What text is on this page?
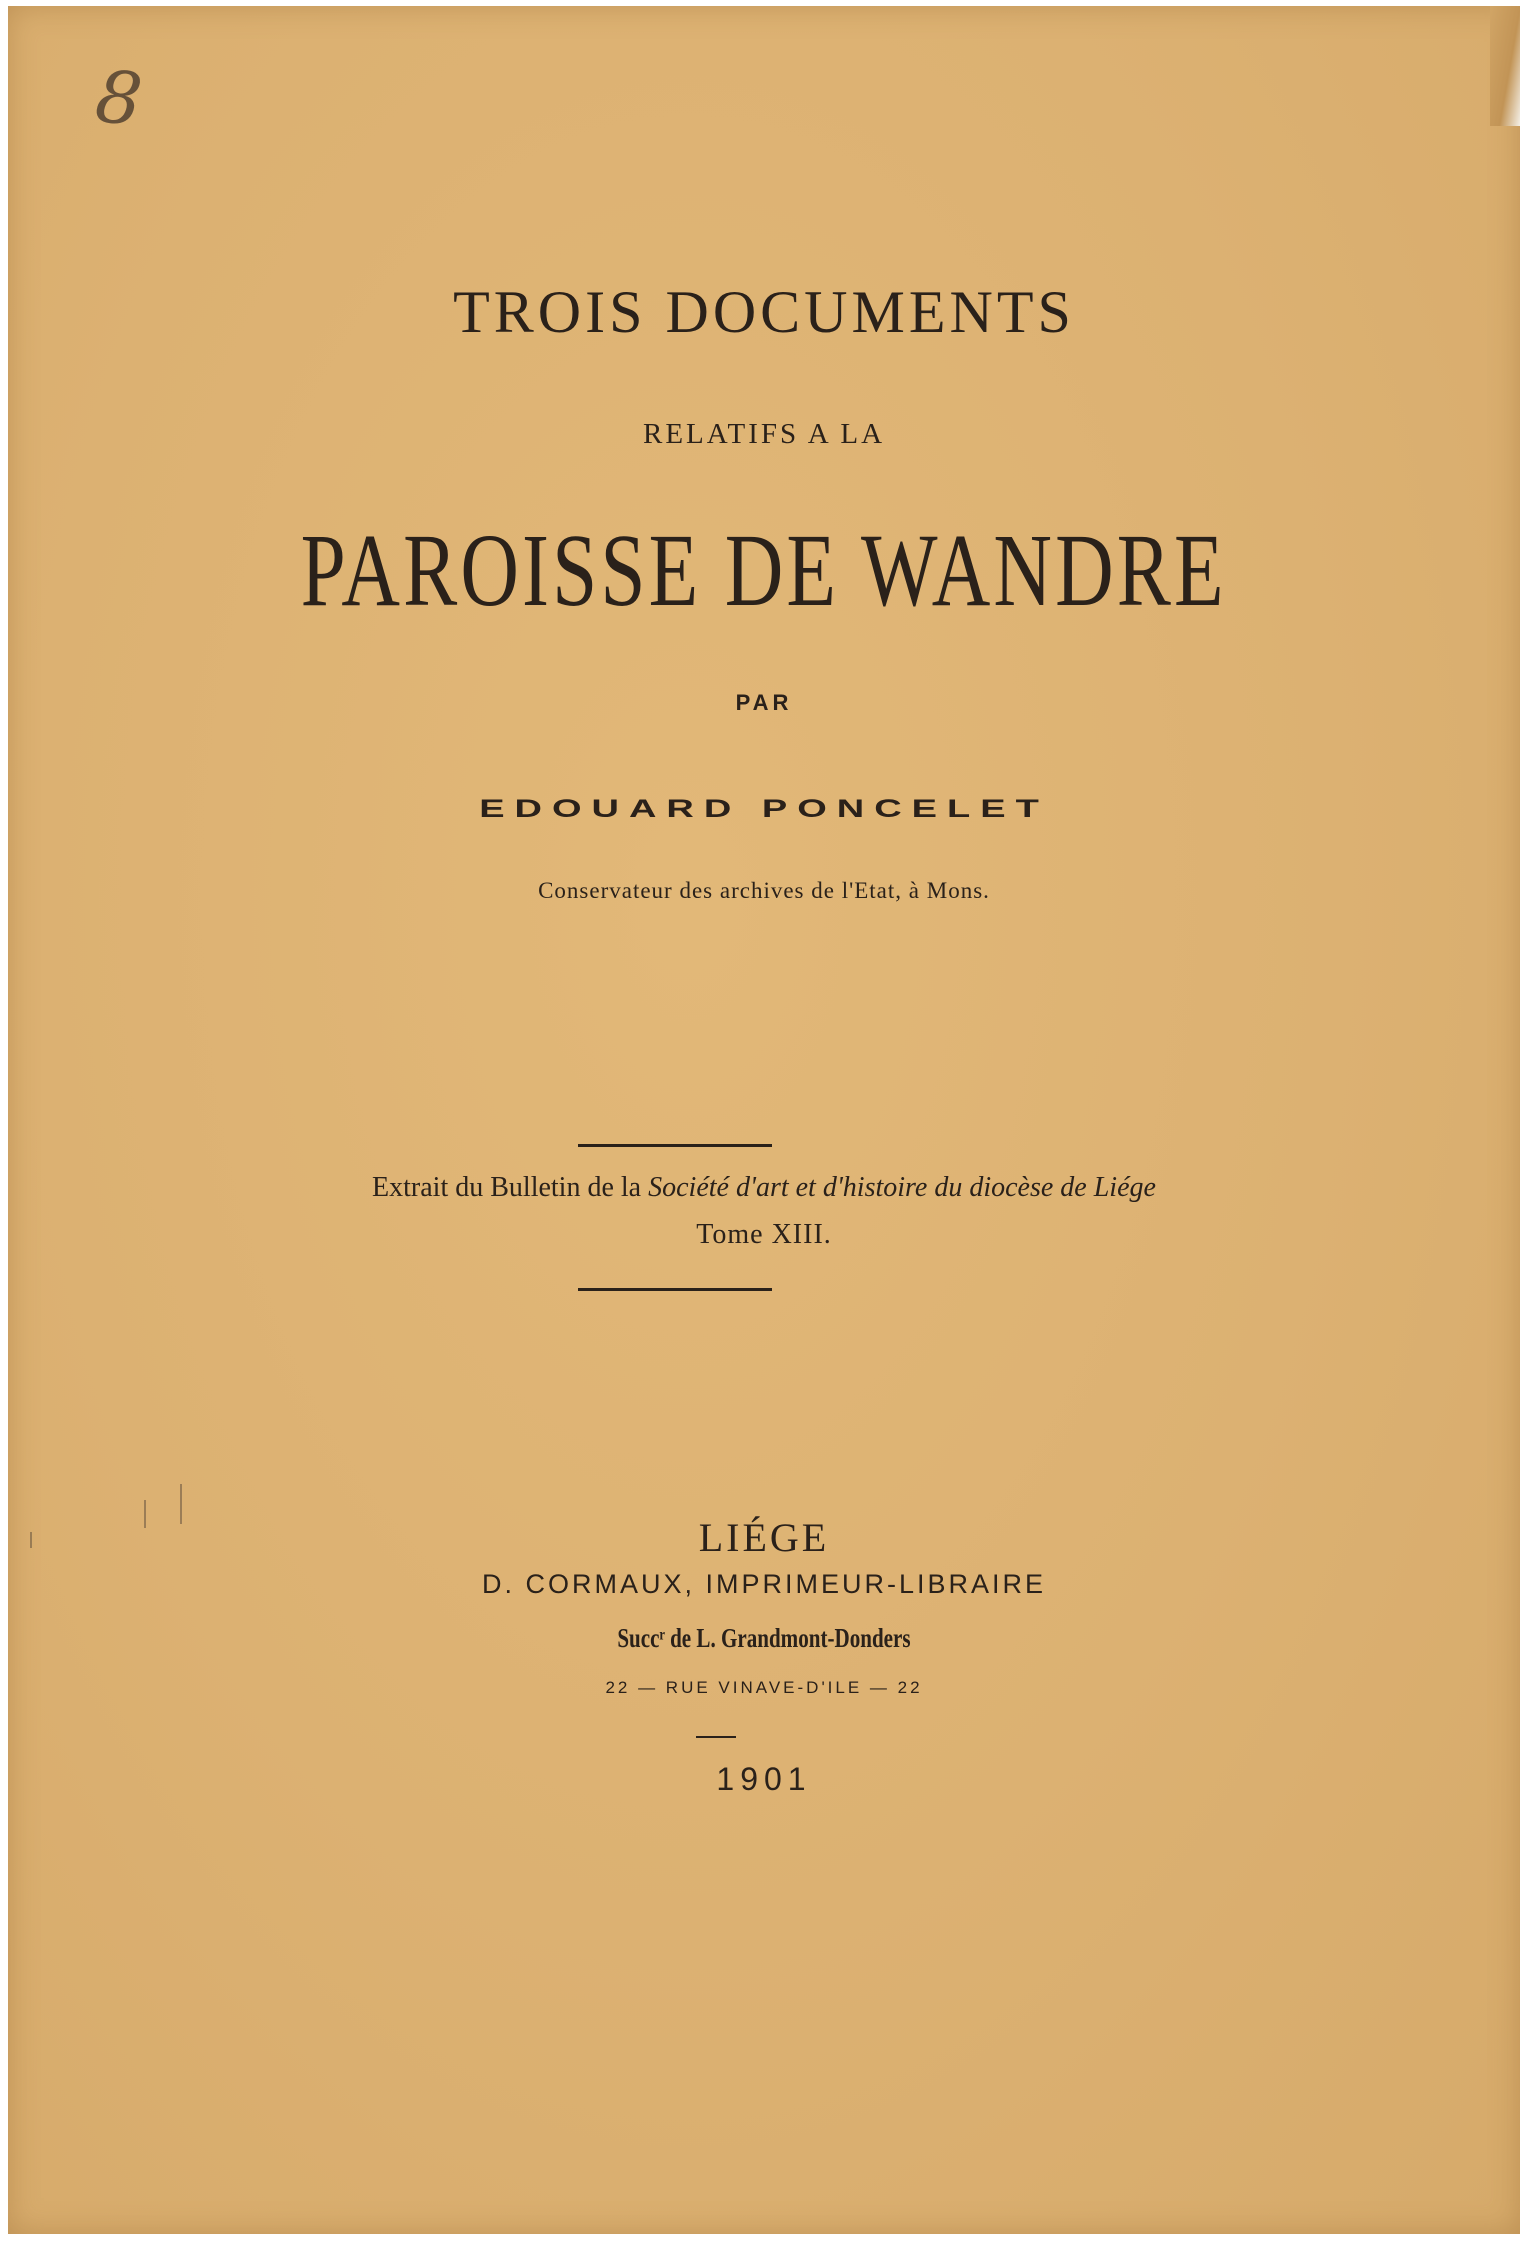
8
TROIS DOCUMENTS
RELATIFS A LA
PAROISSE DE WANDRE
PAR
EDOUARD PONCELET
Conservateur des archives de l'Etat, à Mons.
Extrait du Bulletin de la Société d'art et d'histoire du diocèse de Liége
Tome XIII.
LIÉGE
D. CORMAUX, IMPRIMEUR-LIBRAIRE
Succʳ de L. Grandmont-Donders
22 — RUE VINAVE-D'ILE — 22
1901
